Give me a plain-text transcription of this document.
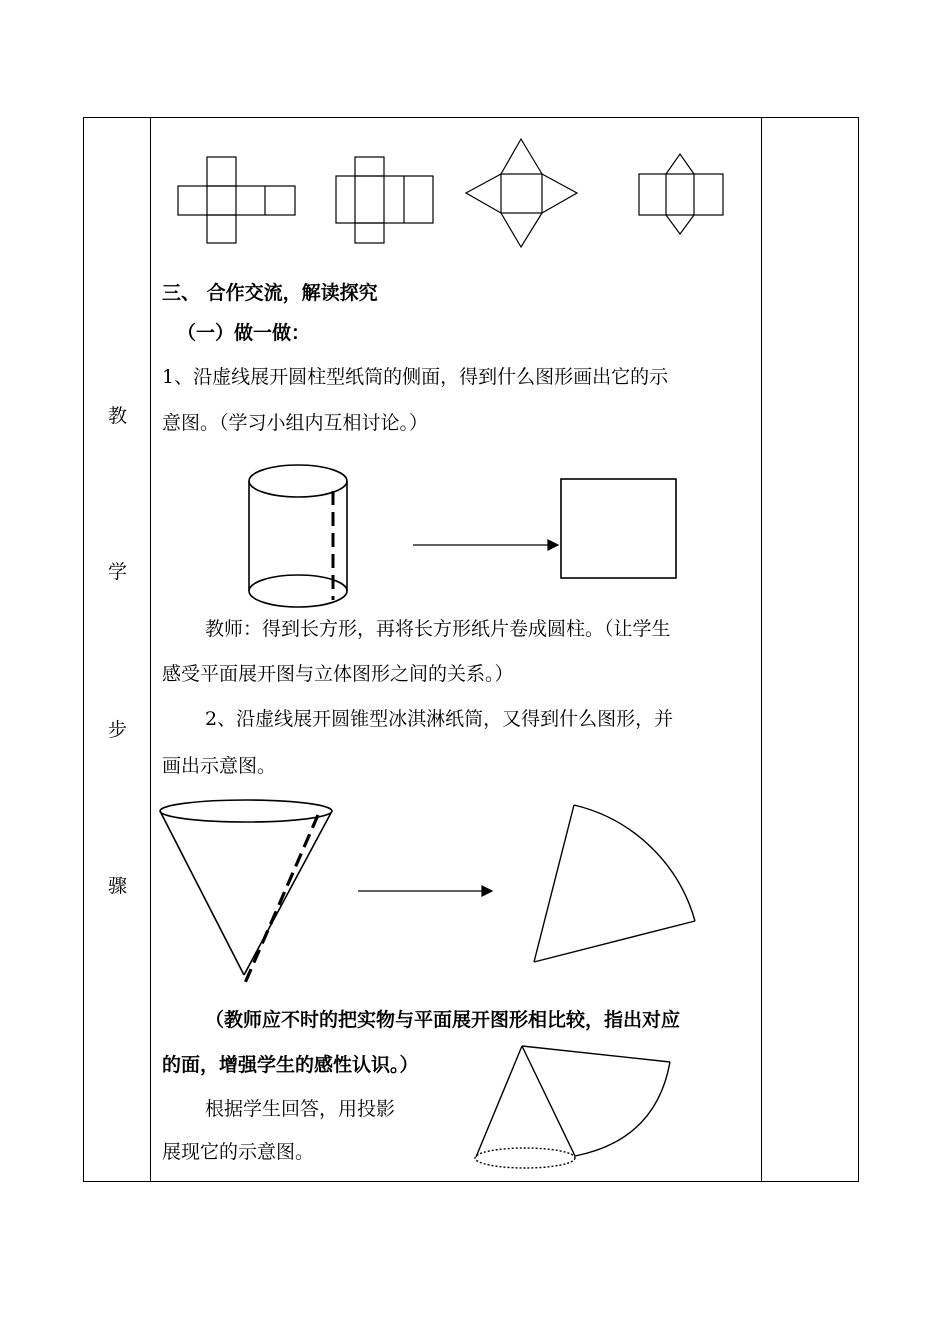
教
学
步
骤
三、 合作交流，解读探究
（一）做一做：
1、沿虚线展开圆柱型纸筒的侧面，得到什么图形画出它的示
意图。（学习小组内互相讨论。）
教师：得到长方形，再将长方形纸片卷成圆柱。（让学生
感受平面展开图与立体图形之间的关系。）
2、沿虚线展开圆锥型冰淇淋纸筒，又得到什么图形，并
画出示意图。
（教师应不时的把实物与平面展开图形相比较，指出对应
的面，增强学生的感性认识。）
根据学生回答，用投影
展现它的示意图。
